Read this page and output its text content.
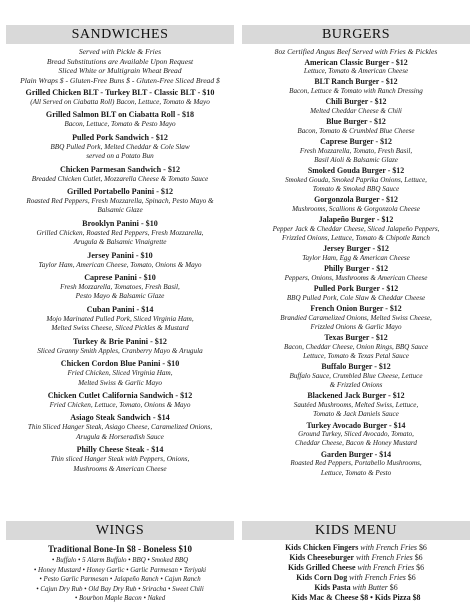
SANDWICHES
Served with Pickle & Fries
Bread Substitutions are Available Upon Request
Sliced White or Multigrain Wheat Bread
Plain Wraps $ - Gluten-Free Buns $ - Gluten-Free Sliced Bread $
Grilled Chicken BLT - Turkey BLT - Classic BLT - $10
(All Served on Ciabatta Roll) Bacon, Lettuce, Tomato & Mayo
Grilled Salmon BLT on Ciabatta Roll - $18
Bacon, Lettuce, Tomato & Pesto Mayo
Pulled Pork Sandwich - $12
BBQ Pulled Pork, Melted Cheddar & Cole Slaw
served on a Potato Bun
Chicken Parmesan Sandwich - $12
Breaded Chicken Cutlet, Mozzarella Cheese & Tomato Sauce
Grilled Portabello Panini - $12
Roasted Red Peppers, Fresh Mozzarella, Spinach, Pesto Mayo &
Balsamic Glaze
Brooklyn Panini - $10
Grilled Chicken, Roasted Red Peppers, Fresh Mozzarella,
Arugula & Balsamic Vinaigrette
Jersey Panini - $10
Taylor Ham, American Cheese, Tomato, Onions & Mayo
Caprese Panini - $10
Fresh Mozzarella, Tomatoes, Fresh Basil,
Pesto Mayo & Balsamic Glaze
Cuban Panini - $14
Mojo Marinated Pulled Pork, Sliced Virginia Ham,
Melted Swiss Cheese, Sliced Pickles & Mustard
Turkey & Brie Panini - $12
Sliced Granny Smith Apples, Cranberry Mayo & Arugula
Chicken Cordon Blue Panini - $10
Fried Chicken, Sliced Virginia Ham,
Melted Swiss & Garlic Mayo
Chicken Cutlet California Sandwich - $12
Fried Chicken, Lettuce, Tomato, Onions & Mayo
Asiago Steak Sandwich - $14
Thin Sliced Hanger Steak, Asiago Cheese, Caramelized Onions,
Arugula & Horseradish Sauce
Philly Cheese Steak - $14
Thin sliced Hanger Steak with Peppers, Onions,
Mushrooms & American Cheese
BURGERS
8oz Certified Angus Beef Served with Fries & Pickles
American Classic Burger - $12
Lettuce, Tomato & American Cheese
BLT Ranch Burger - $12
Bacon, Lettuce & Tomato with Ranch Dressing
Chili Burger - $12
Melted Cheddar Cheese & Chili
Blue Burger - $12
Bacon, Tomato & Crumbled Blue Cheese
Caprese Burger - $12
Fresh Mozzarella, Tomato, Fresh Basil,
Basil Aioli & Balsamic Glaze
Smoked Gouda Burger - $12
Smoked Gouda, Smoked Paprika Onions, Lettuce,
Tomato & Smoked BBQ Sauce
Gorgonzola Burger - $12
Mushrooms, Scallions & Gorgonzola Cheese
Jalapeño Burger - $12
Pepper Jack & Cheddar Cheese, Sliced Jalapeño Peppers,
Frizzled Onions, Lettuce, Tomato & Chipotle Ranch
Jersey Burger - $12
Taylor Ham, Egg & American Cheese
Philly Burger - $12
Peppers, Onions, Mushrooms & American Cheese
Pulled Pork Burger - $12
BBQ Pulled Pork, Cole Slaw & Cheddar Cheese
French Onion Burger - $12
Brandied Caramelized Onions, Melted Swiss Cheese,
Frizzled Onions & Garlic Mayo
Texas Burger - $12
Bacon, Cheddar Cheese, Onion Rings, BBQ Sauce
Lettuce, Tomato & Texas Petal Sauce
Buffalo Burger - $12
Buffalo Sauce, Crumbled Blue Cheese, Lettuce
& Frizzled Onions
Blackened Jack Burger - $12
Sautéed Mushrooms, Melted Swiss, Lettuce,
Tomato & Jack Daniels Sauce
Turkey Avocado Burger - $14
Ground Turkey, Sliced Avocado, Tomato,
Cheddar Cheese, Bacon & Honey Mustard
Garden Burger - $14
Roasted Red Peppers, Portabello Mushrooms,
Lettuce, Tomato & Pesto
WINGS
Traditional Bone-In $8 - Boneless $10
• Buffalo • 5 Alarm Buffalo • BBQ • Smoked BBQ
• Honey Mustard • Honey Garlic • Garlic Parmesan • Teriyaki
• Pesto Garlic Parmesan • Jalapeño Ranch • Cajun Ranch
• Cajun Dry Rub • Old Bay Dry Rub • Sriracha • Sweet Chili
• Bourbon Maple Bacon • Naked
KIDS MENU
Kids Chicken Fingers with French Fries $6
Kids Cheeseburger with French Fries $6
Kids Grilled Cheese with French Fries $6
Kids Corn Dog with French Fries $6
Kids Pasta with Butter $6
Kids Mac & Cheese $8 • Kids Pizza $8
